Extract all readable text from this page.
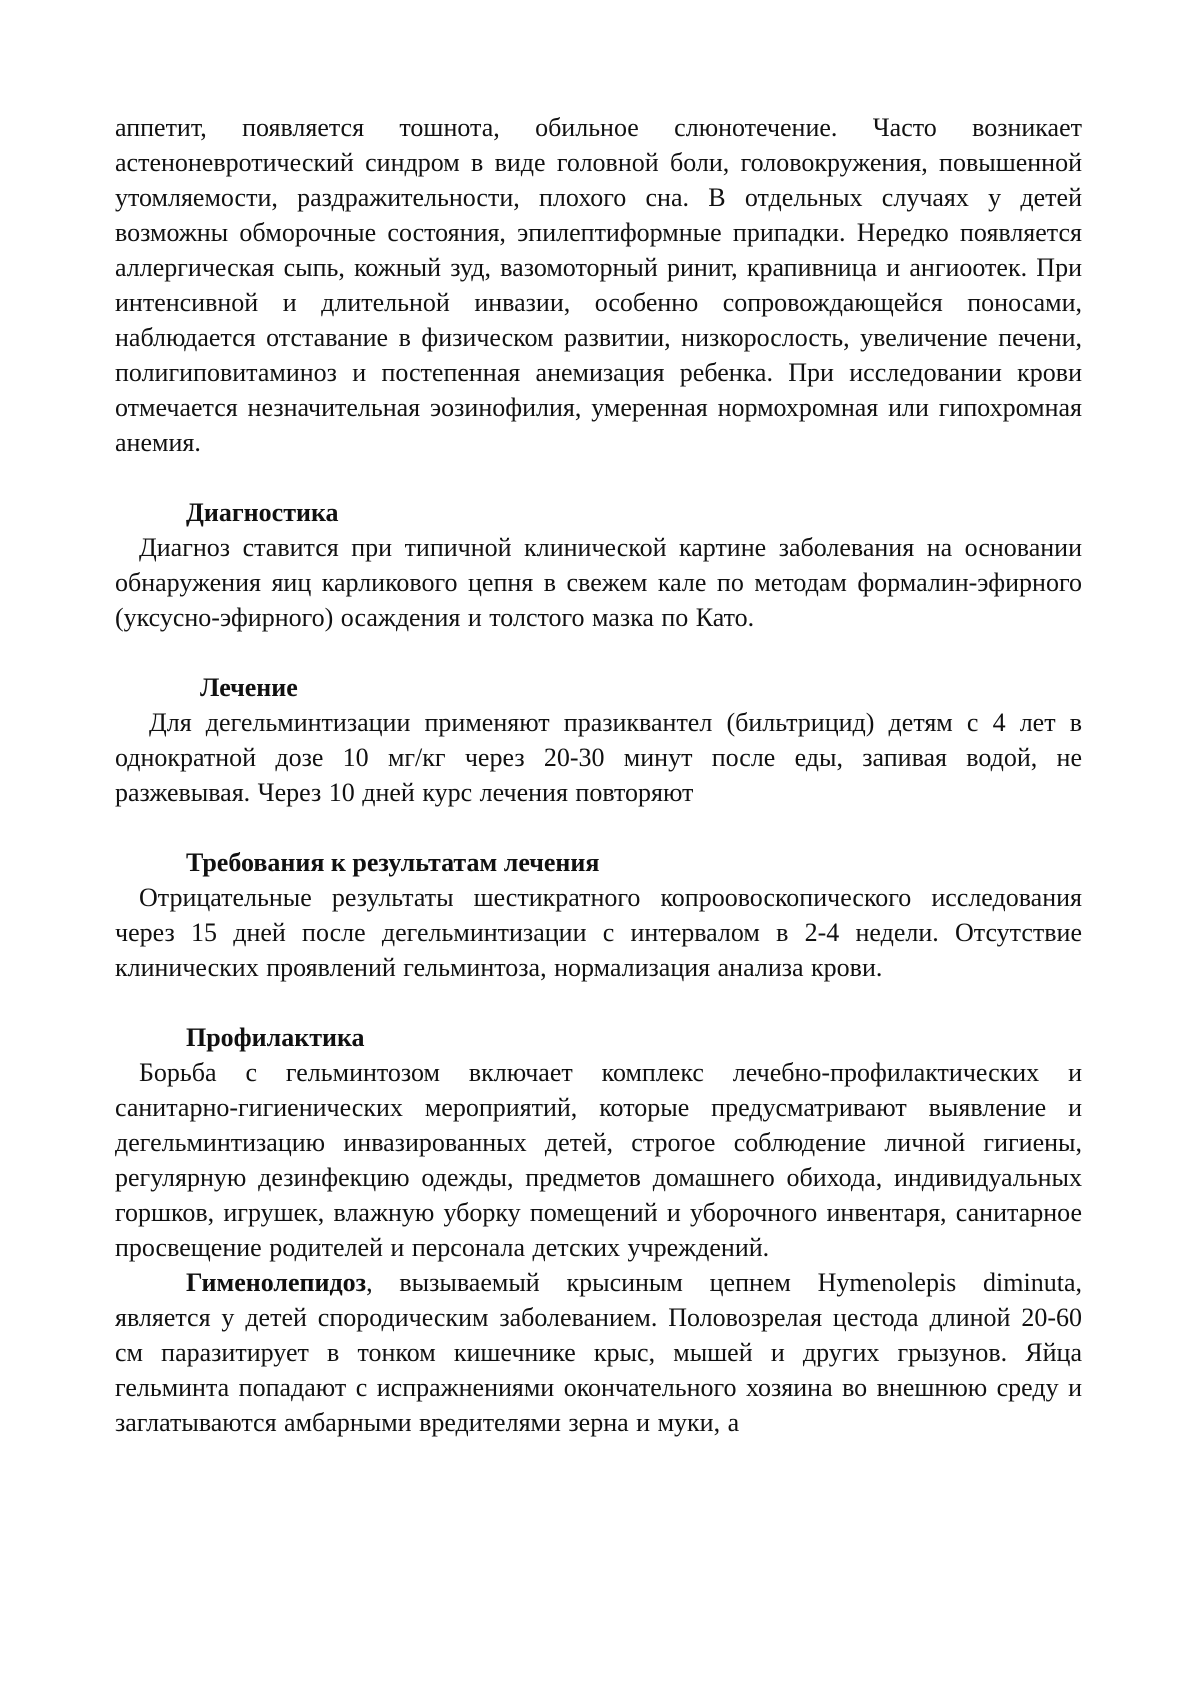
аппетит, появляется тошнота, обильное слюнотечение. Часто возникает астеноневротический синдром в виде головной боли, головокружения, повышенной утомляемости, раздражительности, плохого сна. В отдельных случаях у детей возможны обморочные состояния, эпилептиформные припадки. Нередко появляется аллергическая сыпь, кожный зуд, вазомоторный ринит, крапивница и ангиоотек. При интенсивной и длительной инвазии, особенно сопровождающейся поносами, наблюдается отставание в физическом развитии, низкорослость, увеличение печени, полигиповитаминоз и постепенная анемизация ребенка. При исследовании крови отмечается незначительная эозинофилия, умеренная нормохромная или гипохромная анемия.

Диагностика

Диагноз ставится при типичной клинической картине заболевания на основании обнаружения яиц карликового цепня в свежем кале по методам формалин-эфирного (уксусно-эфирного) осаждения и толстого мазка по Като.

Лечение

Для дегельминтизации применяют празиквантел (бильтрицид) детям с 4 лет в однократной дозе 10 мг/кг через 20-30 минут после еды, запивая водой, не разжевывая. Через 10 дней курс лечения повторяют

Требования к результатам лечения

Отрицательные результаты шестикратного копроовоскопического исследования через 15 дней после дегельминтизации с интервалом в 2-4 недели. Отсутствие клинических проявлений гельминтоза, нормализация анализа крови.

Профилактика

Борьба с гельминтозом включает комплекс лечебно-профилактических и санитарно-гигиенических мероприятий, которые предусматривают выявление и дегельминтизацию инвазированных детей, строгое соблюдение личной гигиены, регулярную дезинфекцию одежды, предметов домашнего обихода, индивидуальных горшков, игрушек, влажную уборку помещений и уборочного инвентаря, санитарное просвещение родителей и персонала детских учреждений.

Гименолепидоз, вызываемый крысиным цепнем Hymenolepis diminuta, является у детей спородическим заболеванием. Половозрелая цестода длиной 20-60 см паразитирует в тонком кишечнике крыс, мышей и других грызунов. Яйца гельминта попадают с испражнениями окончательного хозяина во внешнюю среду и заглатываются амбарными вредителями зерна и муки, а
